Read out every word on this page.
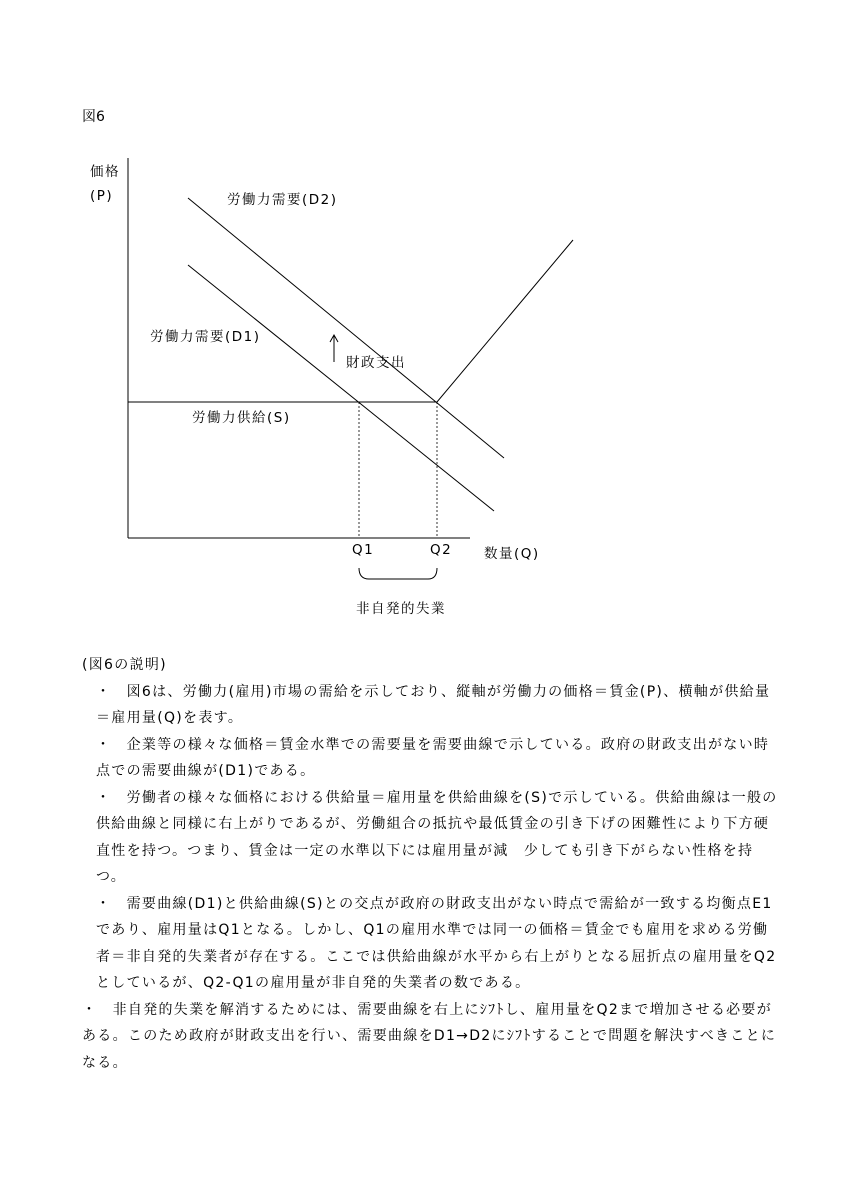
図6
価格
(P)	労働力需要(D2)
労働力需要(D1)
財政支出
労働力供給(S)
Q1	Q2 数量(Q)
非自発的失業

(図6の説明)

・　図6は、労働力(雇用)市場の需給を示しており、縦軸が労働力の価格＝賃金(P)、横軸が供給量＝雇用量(Q)を表す。

・　企業等の様々な価格＝賃金水準での需要量を需要曲線で示している。政府の財政支出がない時点での需要曲線が(D1)である。

・　労働者の様々な価格における供給量＝雇用量を供給曲線を(S)で示している。供給曲線は一般の供給曲線と同様に右上がりであるが、労働組合の抵抗や最低賃金の引き下げの困難性により下方硬直性を持つ。つまり、賃金は一定の水準以下には雇用量が減　少しても引き下がらない性格を持つ。

・　需要曲線(D1)と供給曲線(S)との交点が政府の財政支出がない時点で需給が一致する均衡点E1であり、雇用量はQ1となる。しかし、Q1の雇用水準では同一の価格＝賃金でも雇用を求める労働者＝非自発的失業者が存在する。ここでは供給曲線が水平から右上がりとなる屈折点の雇用量をQ2としているが、Q2-Q1の雇用量が非自発的失業者の数である。

・　非自発的失業を解消するためには、需要曲線を右上にｼﾌﾄし、雇用量をQ2まで増加させる必要がある。このため政府が財政支出を行い、需要曲線をD1→D2にｼﾌﾄすることで問題を解決すべきことになる。
